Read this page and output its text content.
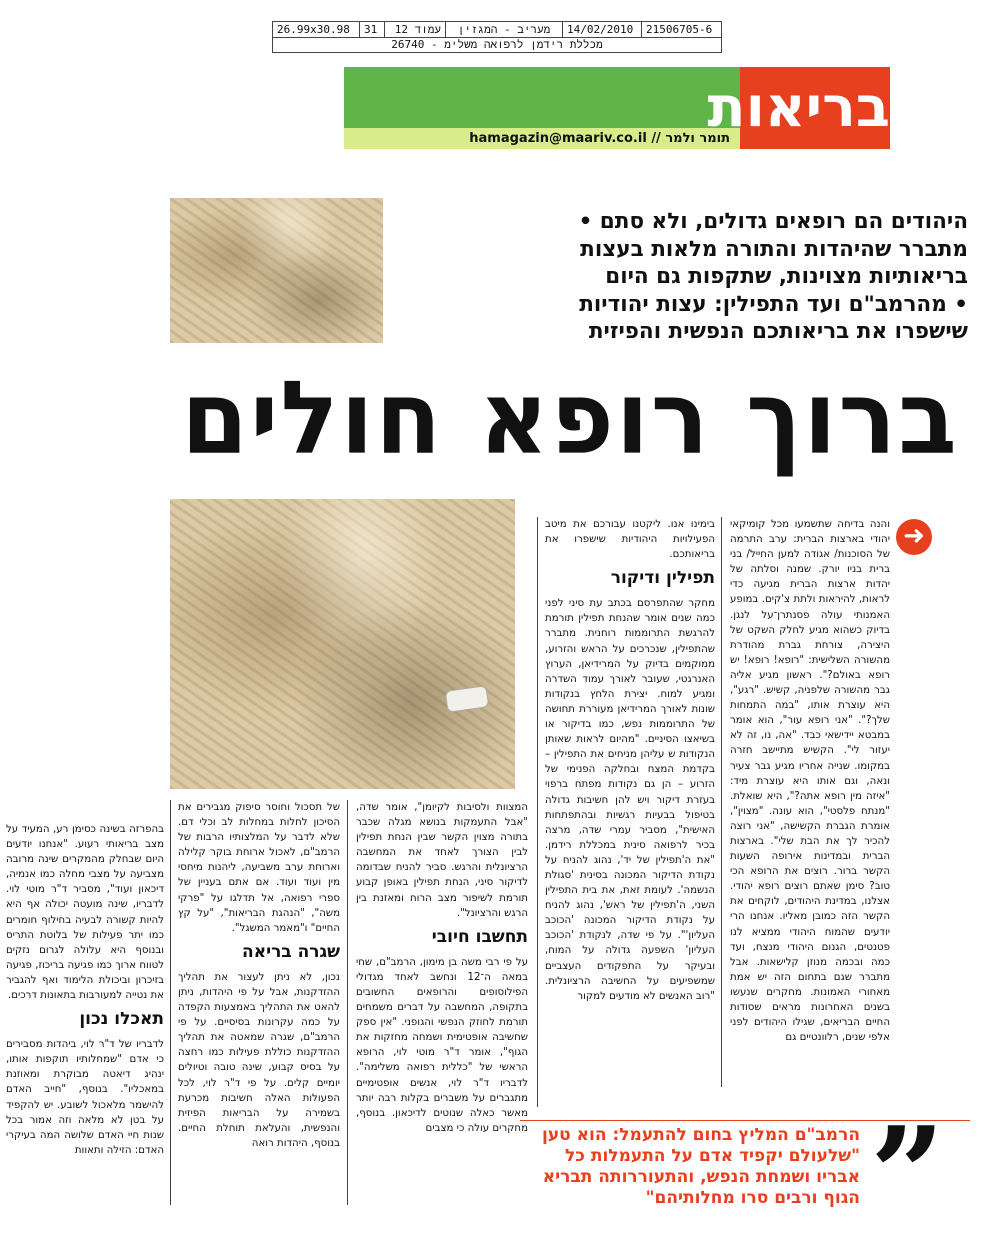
26.99x30.98	31	עמוד 12	מעריב - המגזין	14/02/2010	21506705-6
מכללת רידמן לרפואה משלימ - 26740
בריאות
תומר ולמר // hamagazin@maariv.co.il

היהודים הם רופאים גדולים, ולא סתם • מתברר שהיהדות והתורה מלאות בעצות בריאותיות מצוינות, שתקפות גם היום

• מהרמב"ם ועד התפילין: עצות יהודיות שישפרו את בריאותכם הנפשית והפיזית

ברוך רופא חולים
➜

והנה בדיחה שתשמעו מכל קומיקאי יהודי בארצות הברית: ערב התרמה של הסוכנות/ אגודה למען החייל/ בני ברית בניו יורק. שמנה וסלתה של יהדות ארצות הברית מגיעה כדי לראות, להיראות ולתת צ'קים. במופע האמנותי עולה פסנתרן־על לנגן. בדיוק כשהוא מגיע לחלק השקט של היצירה, צורחת גברת מהודרת מהשורה השלישית: "רופא! רופא! יש רופא באולם?". ראשון מגיע אליה גבר מהשורה שלפניה, קשיש. "רגע", היא עוצרת אותו, "במה התמחות שלך?". "אני רופא עור", הוא אומר במבטא יידישאי כבד. "אה, נו, זה לא יעזור לי". הקשיש מתיישב חזרה במקומו. שנייה אחריו מגיע גבר צעיר ונאה, וגם אותו היא עוצרת מיד: "איזה מין רופא אתה?", היא שואלת. "מנתח פלסטי", הוא עונה. "מצוין", אומרת הגברת הקשישה, "אני רוצה להכיר לך את הבת שלי". בארצות הברית ובמדינות אירופה השעות הקשר ברור. רוצים את הרופא הכי טוב? סימן שאתם רוצים רופא יהודי. אצלנו, במדינת היהודים, לוקחים את הקשר הזה כמובן מאליו. אנחנו הרי יודעים שהמוח היהודי ממציא לנו פטנטים, הגנום היהודי מנצח, ועד כמה ובכמה מנוזן קלישאות. אבל מתברר שגם בתחום הזה יש אמת מאחורי האמונות. מחקרים שנעשו בשנים האחרונות מראים שסודות החיים הבריאים, שגילו היהודים לפני אלפי שנים, רלוונטיים גם

בימינו אנו. ליקטנו עבורכם את מיטב הפעילויות היהודיות שישפרו את בריאותכם.

תפילין ודיקור

מחקר שהתפרסם בכתב עת סיני לפני כמה שנים אומר שהנחת תפילין תורמת להרגשת התרוממות רוחנית. מתברר שהתפילין, שנכרכים על הראש והזרוע, ממוקמים בדיוק על המרידיאן, הערוץ האנרגטי, שעובר לאורך עמוד השדרה ומגיע למוח. יצירת הלחץ בנקודות שונות לאורך המרידיאן מעוררת תחושה של התרוממות נפש, כמו בדיקור או בשיאצו הסיניים. "מהיום לראות שאותן הנקודות ש עליהן מניחים את התפילין – בקדמת המצח ובחלקה הפנימי של הזרוע – הן גם נקודות מפתח ברפוי בעזרת דיקור ויש להן חשיבות גדולה בטיפול בבעיות רגשיות ובהתפתחות האישית", מסביר עמרי שדה, מרצה בכיר לרפואה סינית במכללת רידמן. "את ה'תפילין של יד', נהוג להניח על נקודת הדיקור המכונה בסינית 'סגולת הנשמה'. לעומת זאת, את בית התפילין השני, ה'תפילין של ראש', נהוג להניח על נקודת הדיקור המכונה 'הכוכב העליון'". על פי שדה, לנקודת 'הכוכב העליון' השפעה גדולה על המוח, ובעיקר על התפקודים העצביים שמשפיעים על החשיבה הרציונלית. "רוב האנשים לא מודעים למקור

המצוות ולסיבות לקיומן", אומר שדה, "אבל התעמקות בנושא מגלה שכבר בתורה מצוין הקשר שבין הנחת תפילין לבין הצורך לאחד את המחשבה הרציונלית והרגש. סביר להניח שבדומה לדיקור סיני, הנחת תפילין באופן קבוע תורמת לשיפור מצב הרוח ומאזנת בין הרגש והרציונל".

תחשבו חיובי

על פי רבי משה בן מימון, הרמב"ם, שחי במאה ה־12 ונחשב לאחד מגדולי הפילוסופים והרופאים החשובים בתקופה, המחשבה על דברים משמחים תורמת לחוזק הנפשי והגופני. "אין ספק שחשיבה אופטימית ושמחה מחזקות את הגוף", אומר ד"ר מוטי לוי, הרופא הראשי של "כללית רפואה משלימה". לדבריו ד"ר לוי, אנשים אופטימיים מתגברים על משברים בקלות רבה יותר מאשר כאלה שנוטים לדיכאון. בנוסף, מחקרים עולה כי מצבים

של תסכול וחוסר סיפוק מגבירים את הסיכון לחלות במחלות לב וכלי דם. שלא לדבר על המלצותיו הרבות של הרמב"ם, לאכול ארוחת בוקר קלילה וארוחת ערב משביעה, ליהנות מיחסי מין ועוד ועוד. אם אתם בעניין של ספרי רפואה, אל תדלגו על "פרקי משה", "הנהגת הבריאות", "על קץ החיים" ו"מאמר המשגל".

שגרה בריאה

נכון, לא ניתן לעצור את תהליך ההזדקנות, אבל על פי היהדות, ניתן להאט את התהליך באמצעות הקפדה על כמה עקרונות בסיסיים. על פי הרמב"ם, שגרה שמאטה את תהליך ההזדקנות כוללת פעילות כמו רחצה על בסיס קבוע, שינה טובה וטיולים יומיים קלים. על פי ד"ר לוי, לכל הפעולות האלה חשיבות מכרעת בשמירה על הבריאות הפיזית והנפשית, והעלאת תוחלת החיים. בנוסף, היהדות רואה

בהפרזה בשינה כסימן רע, המעיד על מצב בריאותי רעוע. "אנחנו יודעים היום שבחלק מהמקרים שינה מרובה מצביעה על מצבי מחלה כמו אנמיה, דיכאון ועוד", מסביר ד"ר מוטי לוי. לדבריו, שינה מועטה יכולה אף היא להיות קשורה לבעיה בחילוף חומרים כמו יתר פעילות של בלוטת התריס ובנוסף היא עלולה לגרום נזקים לטווח ארוך כמו פגיעה בריכוז, פגיעה בזיכרון וביכולת הלימוד ואף להגביר את נטייה למעורבות בתאונות דרכים.

תאכלו נכון

לדבריו של ד"ר לוי, ביהדות מסבירים כי אדם "שמחלותיו תוקפות אותו, ינהיג דיאטה מבוקרת ומאוזנת במאכליו". בנוסף, "חייב האדם להישמר מלאכול לשובע. יש להקפיד על בטן לא מלאה וזה אמור בכל שנות חיי האדם שלושה המה בעיקרי האדם: הזילה ותאוות	”

הרמב"ם המליץ בחום להתעמל: הוא טען "שלעולם יקפיד אדם על התעמלות כל אבריו ושמחת הנפש, והתעוררותה תבריא הגוף ורבים סרו מחלותיהם"
